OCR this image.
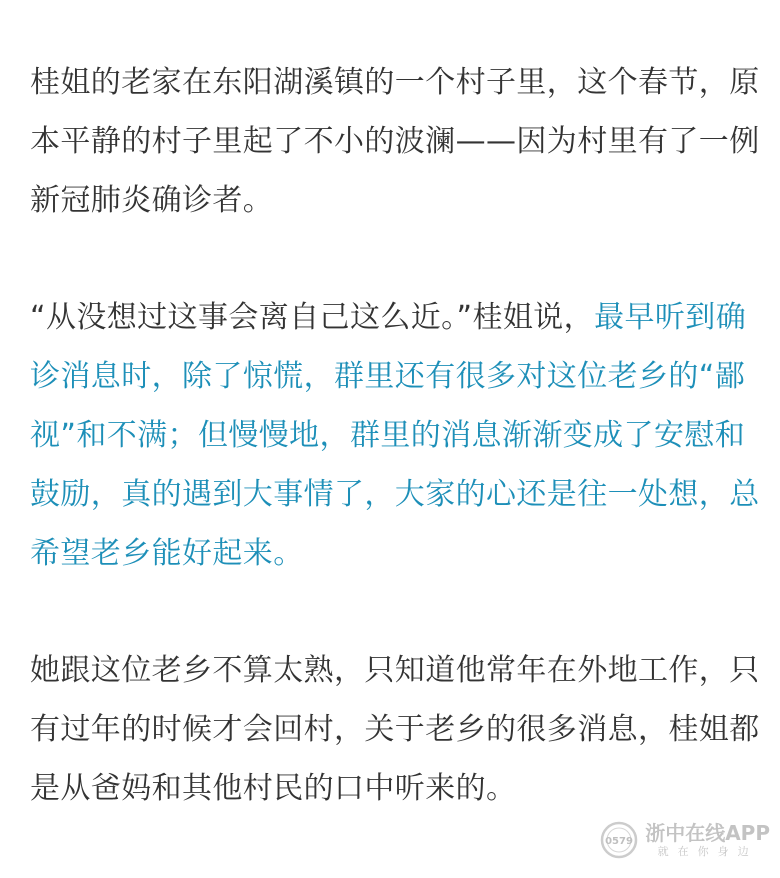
桂姐的老家在东阳湖溪镇的一个村子里，这个春节，原本平静的村子里起了不小的波澜——因为村里有了一例新冠肺炎确诊者。

“从没想过这事会离自己这么近。”桂姐说，最早听到确诊消息时，除了惊慌，群里还有很多对这位老乡的“鄙视”和不满；但慢慢地，群里的消息渐渐变成了安慰和鼓励，真的遇到大事情了，大家的心还是往一处想，总希望老乡能好起来。

她跟这位老乡不算太熟，只知道他常年在外地工作，只有过年的时候才会回村，关于老乡的很多消息，桂姐都是从爸妈和其他村民的口中听来的。

0579 浙中在线APP
就在你身边
